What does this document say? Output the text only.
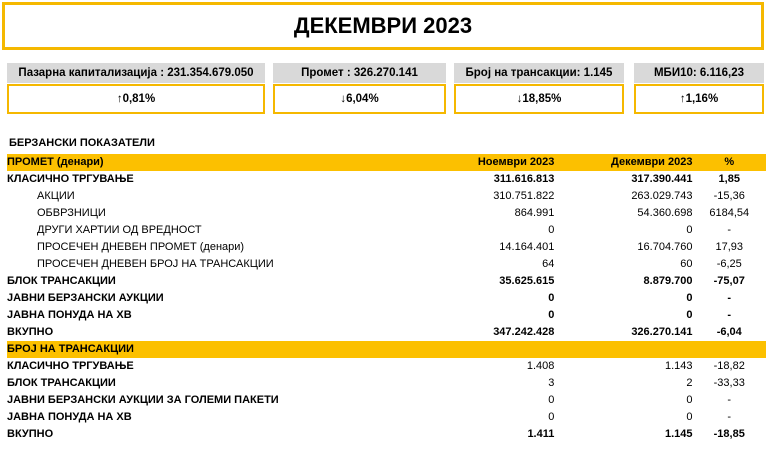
ДЕКЕМВРИ 2023
Пазарна капитализација : 231.354.679.050
↑0,81%
Промет : 326.270.141
↓6,04%
Број на трансакции: 1.145
↓18,85%
МБИ10: 6.116,23
↑1,16%
БЕРЗАНСКИ ПОКАЗАТЕЛИ
ПРОМЕТ (денари)	Ноември 2023	Декември 2023	%
КЛАСИЧНО ТРГУВАЊЕ	311.616.813	317.390.441	1,85
АКЦИИ	310.751.822	263.029.743	-15,36
ОБВРЗНИЦИ	864.991	54.360.698	6184,54
ДРУГИ ХАРТИИ ОД ВРЕДНОСТ	0	0	-
ПРОСЕЧЕН ДНЕВЕН ПРОМЕТ (денари)	14.164.401	16.704.760	17,93
ПРОСЕЧЕН ДНЕВЕН БРОЈ НА ТРАНСАКЦИИ	64	60	-6,25
БЛОК ТРАНСАКЦИИ	35.625.615	8.879.700	-75,07
ЈАВНИ БЕРЗАНСКИ АУКЦИИ	0	0	-
ЈАВНА ПОНУДА НА ХВ	0	0	-
ВКУПНО	347.242.428	326.270.141	-6,04
БРОЈ НА ТРАНСАКЦИИ			
КЛАСИЧНО ТРГУВАЊЕ	1.408	1.143	-18,82
БЛОК ТРАНСАКЦИИ	3	2	-33,33
ЈАВНИ БЕРЗАНСКИ АУКЦИИ ЗА ГОЛЕМИ ПАКЕТИ	0	0	-
ЈАВНА ПОНУДА НА ХВ	0	0	-
ВКУПНО	1.411	1.145	-18,85
